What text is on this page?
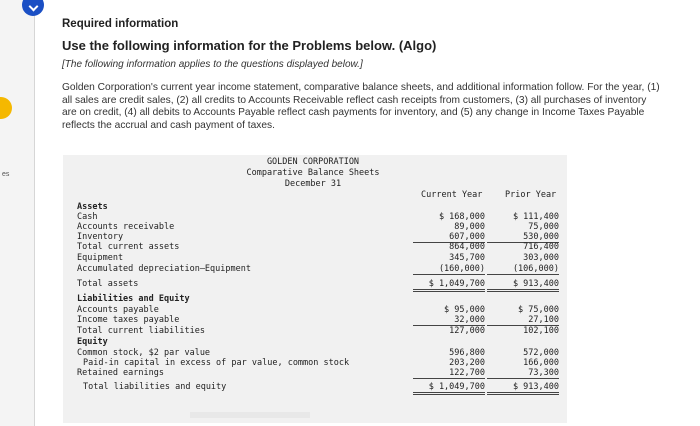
es
Required information
Use the following information for the Problems below. (Algo)
[The following information applies to the questions displayed below.]
Golden Corporation's current year income statement, comparative balance sheets, and additional information follow. For the year, (1) all sales are credit sales, (2) all credits to Accounts Receivable reflect cash receipts from customers, (3) all purchases of inventory are on credit, (4) all debits to Accounts Payable reflect cash payments for inventory, and (5) any change in Income Taxes Payable reflects the accrual and cash payment of taxes.
GOLDEN CORPORATION
Comparative Balance Sheets
December 31
Current Year	Prior Year
Assets
Cash	$ 168,000	$ 111,400
Accounts receivable	89,000	75,000
Inventory	607,000	530,000
Total current assets	864,000	716,400
Equipment	345,700	303,000
Accumulated depreciation—Equipment	(160,000)	(106,000)
Total assets	$ 1,049,700	$ 913,400
Liabilities and Equity
Accounts payable	$ 95,000	$ 75,000
Income taxes payable	32,000	27,100
Total current liabilities	127,000	102,100
Equity
Common stock, $2 par value	596,800	572,000
Paid-in capital in excess of par value, common stock	203,200	166,000
Retained earnings	122,700	73,300
Total liabilities and equity	$ 1,049,700	$ 913,400
